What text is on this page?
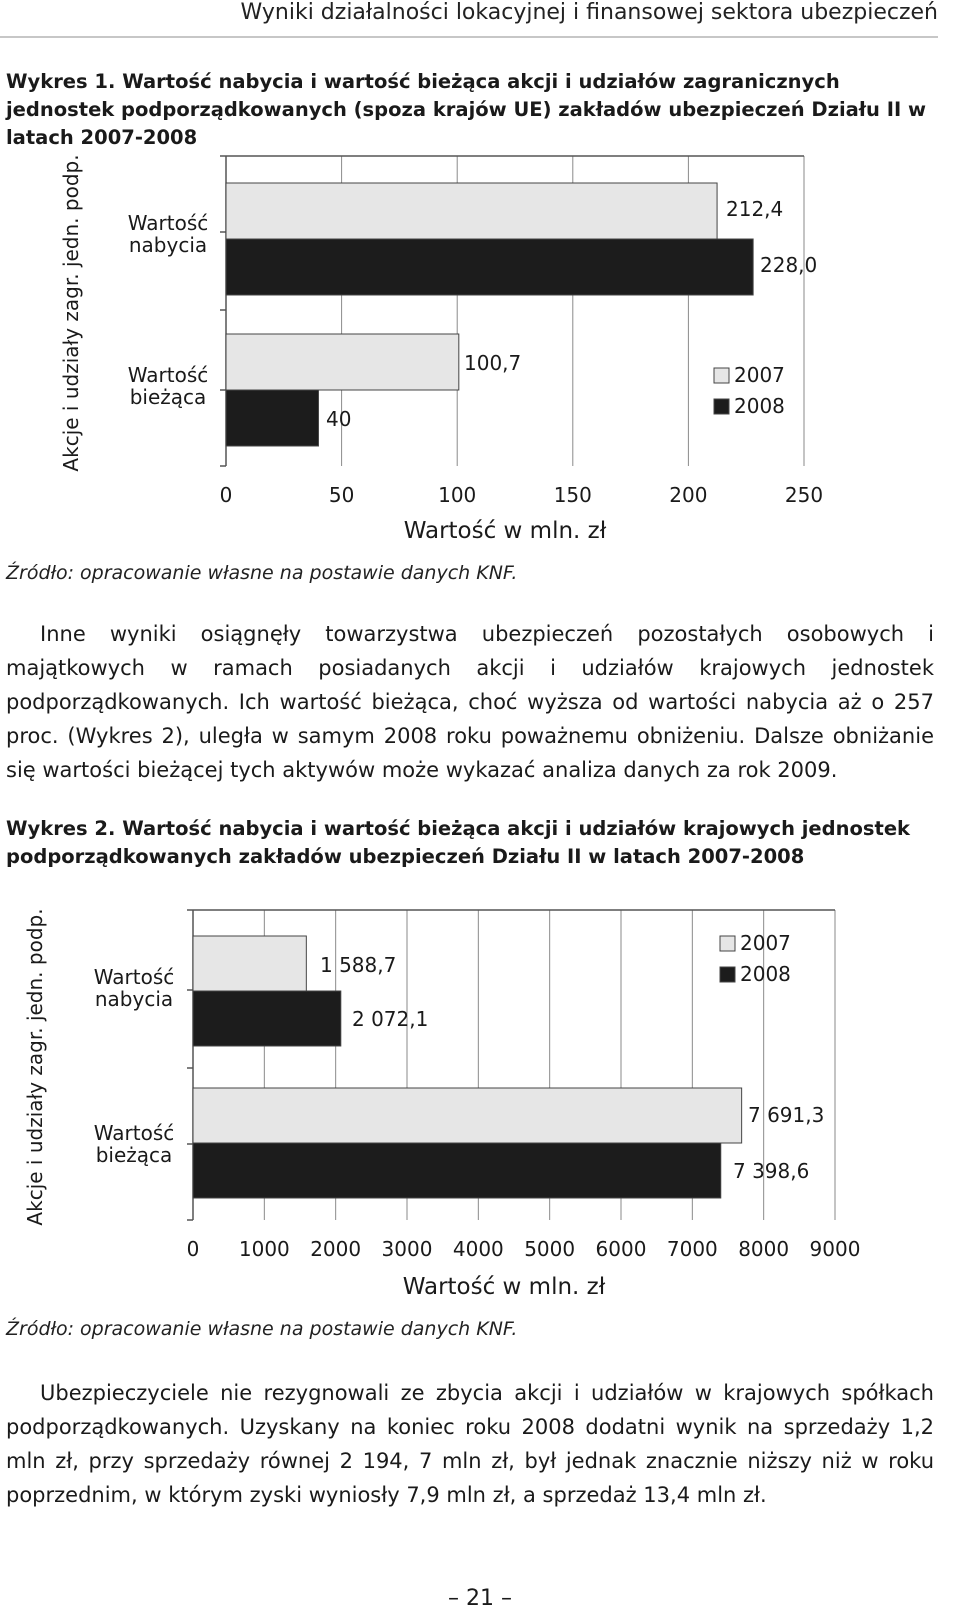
Wyniki działalności lokacyjnej i finansowej sektora ubezpieczeń
Wykres 1. Wartość nabycia i wartość bieżąca akcji i udziałów zagranicznych jednostek podporządkowanych (spoza krajów UE) zakładów ubezpieczeń Działu II w latach 2007-2008
212,4
100,7
228,0
40
Wartość
nabycia
Wartość
bieżąca
Akcje i udziały zagr. jedn. podp.
0	50	100	150	200	250
Wartość w mln. zł
2007
2008
Źródło: opracowanie własne na postawie danych KNF.
Inne wyniki osiągnęły towarzystwa ubezpieczeń pozostałych osobowych i majątkowych w ramach posiadanych akcji i udziałów krajowych jednostek podporządkowanych. Ich wartość bieżąca, choć wyższa od wartości nabycia aż o 257 proc. (Wykres 2), uległa w samym 2008 roku poważnemu obniżeniu. Dalsze obniżanie się wartości bieżącej tych aktywów może wykazać analiza danych za rok 2009.
Wykres 2. Wartość nabycia i wartość bieżąca akcji i udziałów krajowych jednostek podporządkowanych zakładów ubezpieczeń Działu II w latach 2007-2008
1 588,7
7 691,3
2 072,1
7 398,6
Wartość
nabycia
Wartość
bieżąca
Akcje i udziały zagr. jedn. podp.
0 1000 2000 3000 4000 5000 6000 7000 8000 9000
Wartość w mln. zł
2007
2008
Źródło: opracowanie własne na postawie danych KNF.
Ubezpieczyciele nie rezygnowali ze zbycia akcji i udziałów w krajowych spółkach podporządkowanych. Uzyskany na koniec roku 2008 dodatni wynik na sprzedaży 1,2 mln zł, przy sprzedaży równej 2 194, 7 mln zł, był jednak znacznie niższy niż w roku poprzednim, w którym zyski wyniosły 7,9 mln zł, a sprzedaż 13,4 mln zł.
– 21 –
